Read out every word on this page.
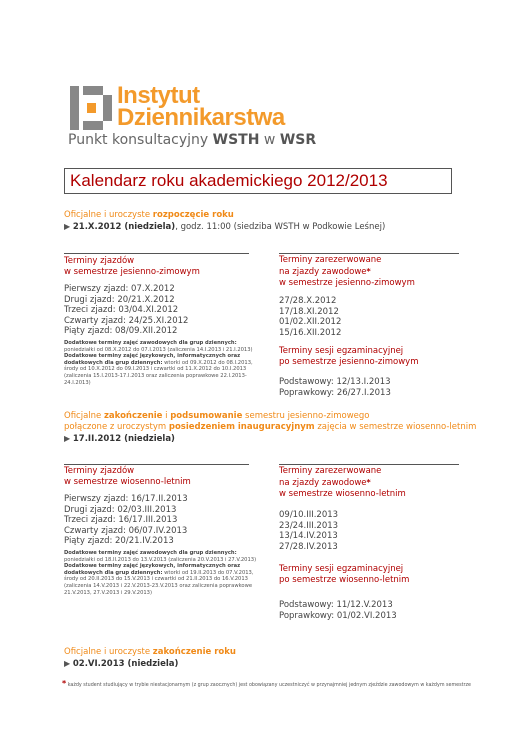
Instytut
Dziennikarstwa
Punkt konsultacyjny WSTH w WSR
Kalendarz roku akademickiego 2012/2013
Oficjalne i uroczyste rozpoczęcie roku
▶ 21.X.2012 (niedziela), godz. 11:00 (siedziba WSTH w Podkowie Leśnej)
Terminy zjazdów
w semestrze jesienno-zimowym
Pierwszy zjazd: 07.X.2012
Drugi zjazd: 20/21.X.2012
Trzeci zjazd: 03/04.XI.2012
Czwarty zjazd: 24/25.XI.2012
Piąty zjazd: 08/09.XII.2012
Dodatkowe terminy zajęć zawodowych dla grup dziennych:
poniedziałki od 08.X.2012 do 07.I.2013 (zaliczenia 14.I.2013 i 21.I.2013)
Dodatkowe terminy zajęć językowych, informatycznych oraz dodatkowych dla grup dziennych: wtorki od 09.X.2012 do 08.I.2013, środy od 10.X.2012 do 09.I.2013 i czwartki od 11.X.2012 do 10.I.2013 (zaliczenia 15.I.2013-17.I.2013 oraz zaliczenia poprawkowe 22.I.2013-24.I.2013)
Terminy zarezerwowane
na zjazdy zawodowe*
w semestrze jesienno-zimowym
27/28.X.2012
17/18.XI.2012
01/02.XII.2012
15/16.XII.2012
Terminy sesji egzaminacyjnej
po semestrze jesienno-zimowym
Podstawowy: 12/13.I.2013
Poprawkowy: 26/27.I.2013
Oficjalne zakończenie i podsumowanie semestru jesienno-zimowego
połączone z uroczystym posiedzeniem inauguracyjnym zajęcia w semestrze wiosenno-letnim
▶ 17.II.2012 (niedziela)
Terminy zjazdów
w semestrze wiosenno-letnim
Pierwszy zjazd: 16/17.II.2013
Drugi zjazd: 02/03.III.2013
Trzeci zjazd: 16/17.III.2013
Czwarty zjazd: 06/07.IV.2013
Piąty zjazd: 20/21.IV.2013
Dodatkowe terminy zajęć zawodowych dla grup dziennych:
poniedziałki od 18.II.2013 do 13.V.2013 (zaliczenia 20.V.2013 i 27.V.2013)
Dodatkowe terminy zajęć językowych, informatycznych oraz dodatkowych dla grup dziennych: wtorki od 19.II.2013 do 07.V.2013, środy od 20.II.2013 do 15.V.2013 i czwartki od 21.II.2013 do 16.V.2013 (zaliczenia 14.V.2013 i 22.V.2013-23.V.2013 oraz zaliczenia poprawkowe 21.V.2013, 27.V.2013 i 29.V.2013)
Terminy zarezerwowane
na zjazdy zawodowe*
w semestrze wiosenno-letnim
09/10.III.2013
23/24.III.2013
13/14.IV.2013
27/28.IV.2013
Terminy sesji egzaminacyjnej
po semestrze wiosenno-letnim
Podstawowy: 11/12.V.2013
Poprawkowy: 01/02.VI.2013
Oficjalne i uroczyste zakończenie roku
▶ 02.VI.2013 (niedziela)
* każdy student studiujący w trybie niestacjonarnym (z grup zaocznych) jest obowiązany uczestniczyć w przynajmniej jednym zjeździe zawodowym w każdym semestrze
